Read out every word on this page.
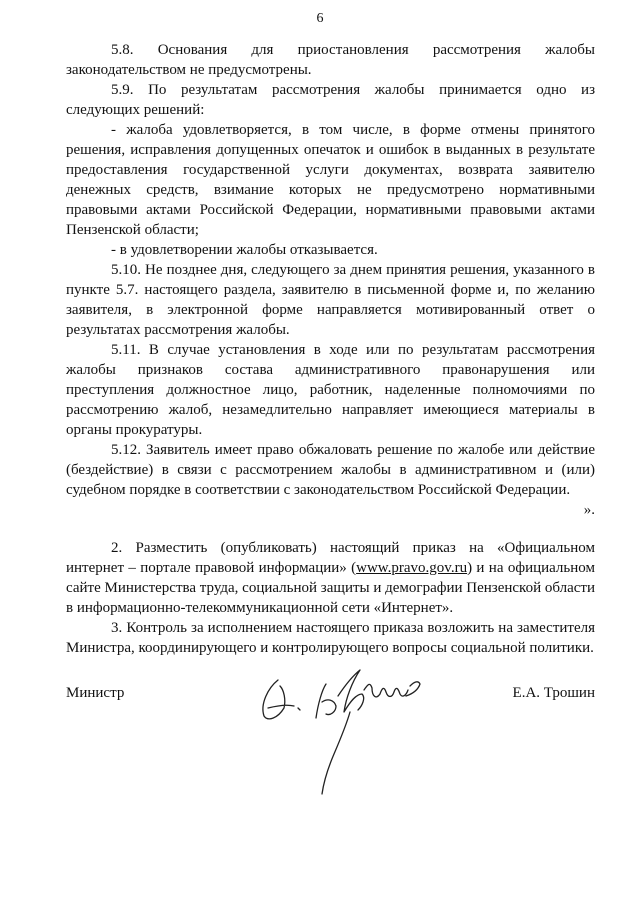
6

5.8. Основания для приостановления рассмотрения жалобы

законодательством не предусмотрены.

5.9. По результатам рассмотрения жалобы принимается одно из следующих решений:

- жалоба удовлетворяется, в том числе, в форме отмены принятого решения, исправления допущенных опечаток и ошибок в выданных в результате предоставления государственной услуги документах, возврата заявителю денежных средств, взимание которых не предусмотрено нормативными правовыми актами Российской Федерации, нормативными правовыми актами Пензенской области;

- в удовлетворении жалобы отказывается.

5.10. Не позднее дня, следующего за днем принятия решения, указанного в пункте 5.7. настоящего раздела, заявителю в письменной форме и, по желанию заявителя, в электронной форме направляется мотивированный ответ о результатах рассмотрения жалобы.

5.11. В случае установления в ходе или по результатам рассмотрения жалобы признаков состава административного правонарушения или преступления должностное лицо, работник, наделенные полномочиями по рассмотрению жалоб, незамедлительно направляет имеющиеся материалы в органы прокуратуры.

5.12. Заявитель имеет право обжаловать решение по жалобе или действие (бездействие) в связи с рассмотрением жалобы в административном и (или) судебном порядке в соответствии с законодательством Российской Федерации.

».

2. Разместить (опубликовать) настоящий приказ на «Официальном интернет – портале правовой информации» (www.pravo.gov.ru) и на официальном сайте Министерства труда, социальной защиты и демографии Пензенской области в информационно-телекоммуникационной сети «Интернет».

3. Контроль за исполнением настоящего приказа возложить на заместителя Министра, координирующего и контролирующего вопросы социальной политики.

Министр	Е.А. Трошин
